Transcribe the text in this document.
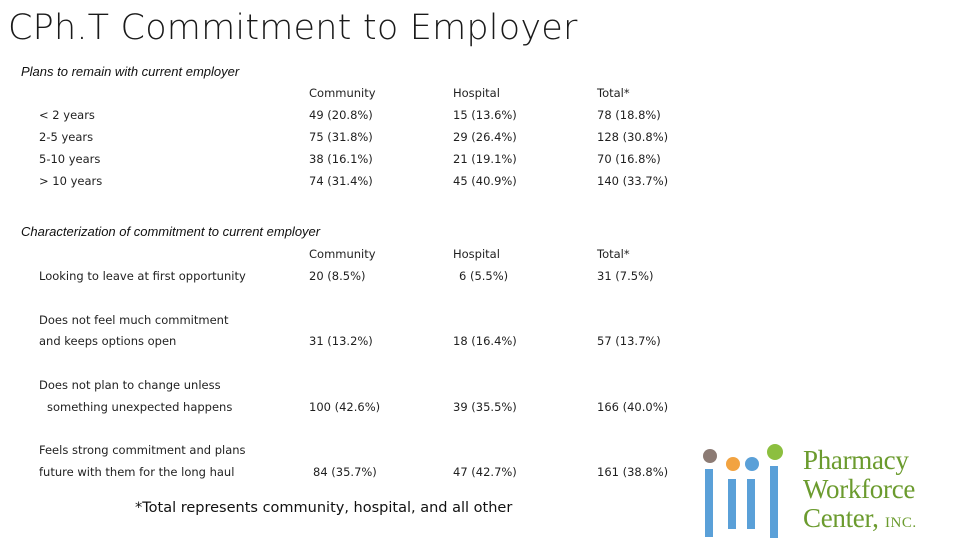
CPh.T Commitment to Employer
Plans to remain with current employer
Community	Hospital	Total*
< 2 years	49 (20.8%)	15 (13.6%)	78 (18.8%)
2-5 years	75 (31.8%)	29 (26.4%)	128 (30.8%)
5-10 years	38 (16.1%)	21 (19.1%)	70 (16.8%)
> 10 years	74 (31.4%)	45 (40.9%)	140 (33.7%)
Characterization of commitment to current employer
Community	Hospital	Total*
Looking to leave at first opportunity	20 (8.5%)	6 (5.5%)	31 (7.5%)
Does not feel much commitment
and keeps options open	31 (13.2%)	18 (16.4%)	57 (13.7%)
Does not plan to change unless
something unexpected happens	100 (42.6%)	39 (35.5%)	166 (40.0%)
Feels strong commitment and plans
future with them for the long haul	84 (35.7%)	47 (42.7%)	161 (38.8%)
*Total represents community, hospital, and all other
Pharmacy
Workforce
Center, INC.
